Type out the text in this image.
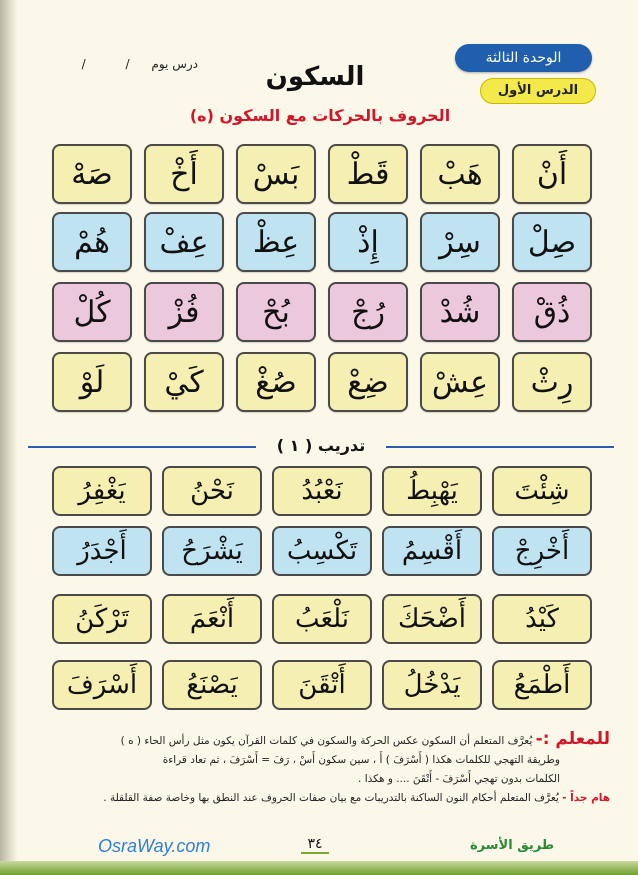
الوحدة الثالثة
الدرس الأول
درس يوم / /	السكون
الحروف بالحركات مع السكون (ه)
أَنْ
هَبْ
قَطْ
بَسْ
أَخْ
صَهْ
صِلْ
سِرْ
إِذْ
عِظْ
عِفْ
هُمْ
ذُقْ
شُدْ
رُجْ
بُحْ
فُزْ
كُلْ
رِثْ
عِشْ
ضِعْ
صُغْ
كَيْ
لَوْ
تدريب ( ١ )
شِئْتَ
يَهْبِطُ
نَعْبُدُ
نَحْنُ
يَغْفِرُ
أَخْرِجْ
أَقْسِمُ
تَكْسِبُ
يَشْرَحُ
أَجْدَرُ
كَيْدُ
أَضْحَكَ
نَلْعَبُ
أَنْعَمَ
تَرْكَنُ
أَطْمَعُ
يَدْخُلُ
أَتْقَنَ
يَصْنَعُ
أَسْرَفَ
للمعلم :- يُعرَّف المتعلم أن السكون عكس الحركة والسكون في كلمات القرآن يكون مثل رأس الحاء ( ه )
وطريقة التهجي للكلمات هكذا ( أَسْرَفَ ) أَ ، سين سكون أَسْ ، رَفَ = أَسْرَفَ ، ثم تعاد قراءة
الكلمات بدون تهجي أَسْرَفَ - أَتْقَنَ .... و هكذا .
هام جداً - يُعرَّف المتعلم أحكام النون الساكنة بالتدريبات مع بيان صفات الحروف عند النطق بها وخاصة صفة القلقلة .
OsraWay.com	٣٤	طريق الأسرة
